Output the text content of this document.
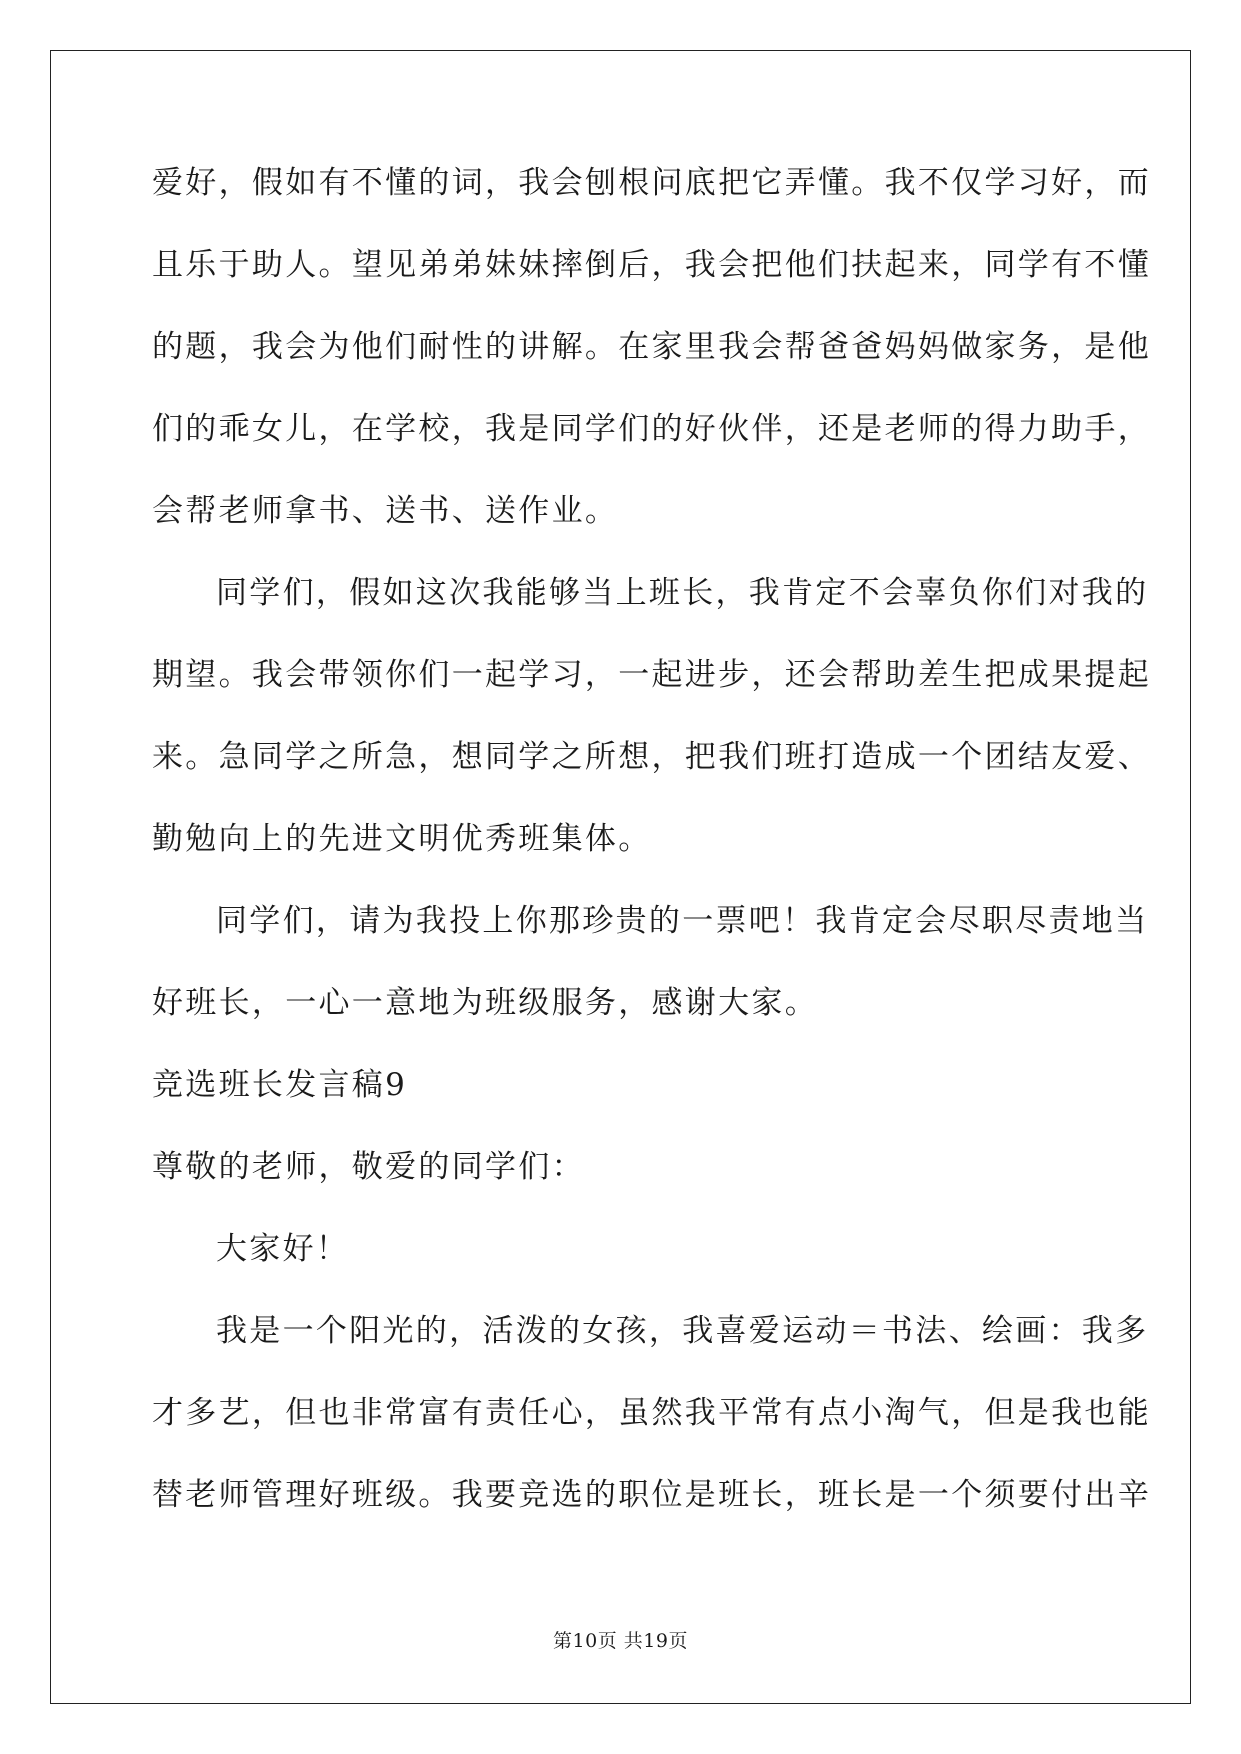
爱好，假如有不懂的词，我会刨根问底把它弄懂。我不仅学习好，而
且乐于助人。望见弟弟妹妹摔倒后，我会把他们扶起来，同学有不懂
的题，我会为他们耐性的讲解。在家里我会帮爸爸妈妈做家务，是他
们的乖女儿，在学校，我是同学们的好伙伴，还是老师的得力助手，
会帮老师拿书、送书、送作业。
同学们，假如这次我能够当上班长，我肯定不会辜负你们对我的
期望。我会带领你们一起学习，一起进步，还会帮助差生把成果提起
来。急同学之所急，想同学之所想，把我们班打造成一个团结友爱、
勤勉向上的先进文明优秀班集体。
同学们，请为我投上你那珍贵的一票吧！我肯定会尽职尽责地当
好班长，一心一意地为班级服务，感谢大家。
竞选班长发言稿9
尊敬的老师，敬爱的同学们：
大家好！
我是一个阳光的，活泼的女孩，我喜爱运动＝书法、绘画：我多
才多艺，但也非常富有责任心，虽然我平常有点小淘气，但是我也能
替老师管理好班级。我要竞选的职位是班长，班长是一个须要付出辛
第10页 共19页
